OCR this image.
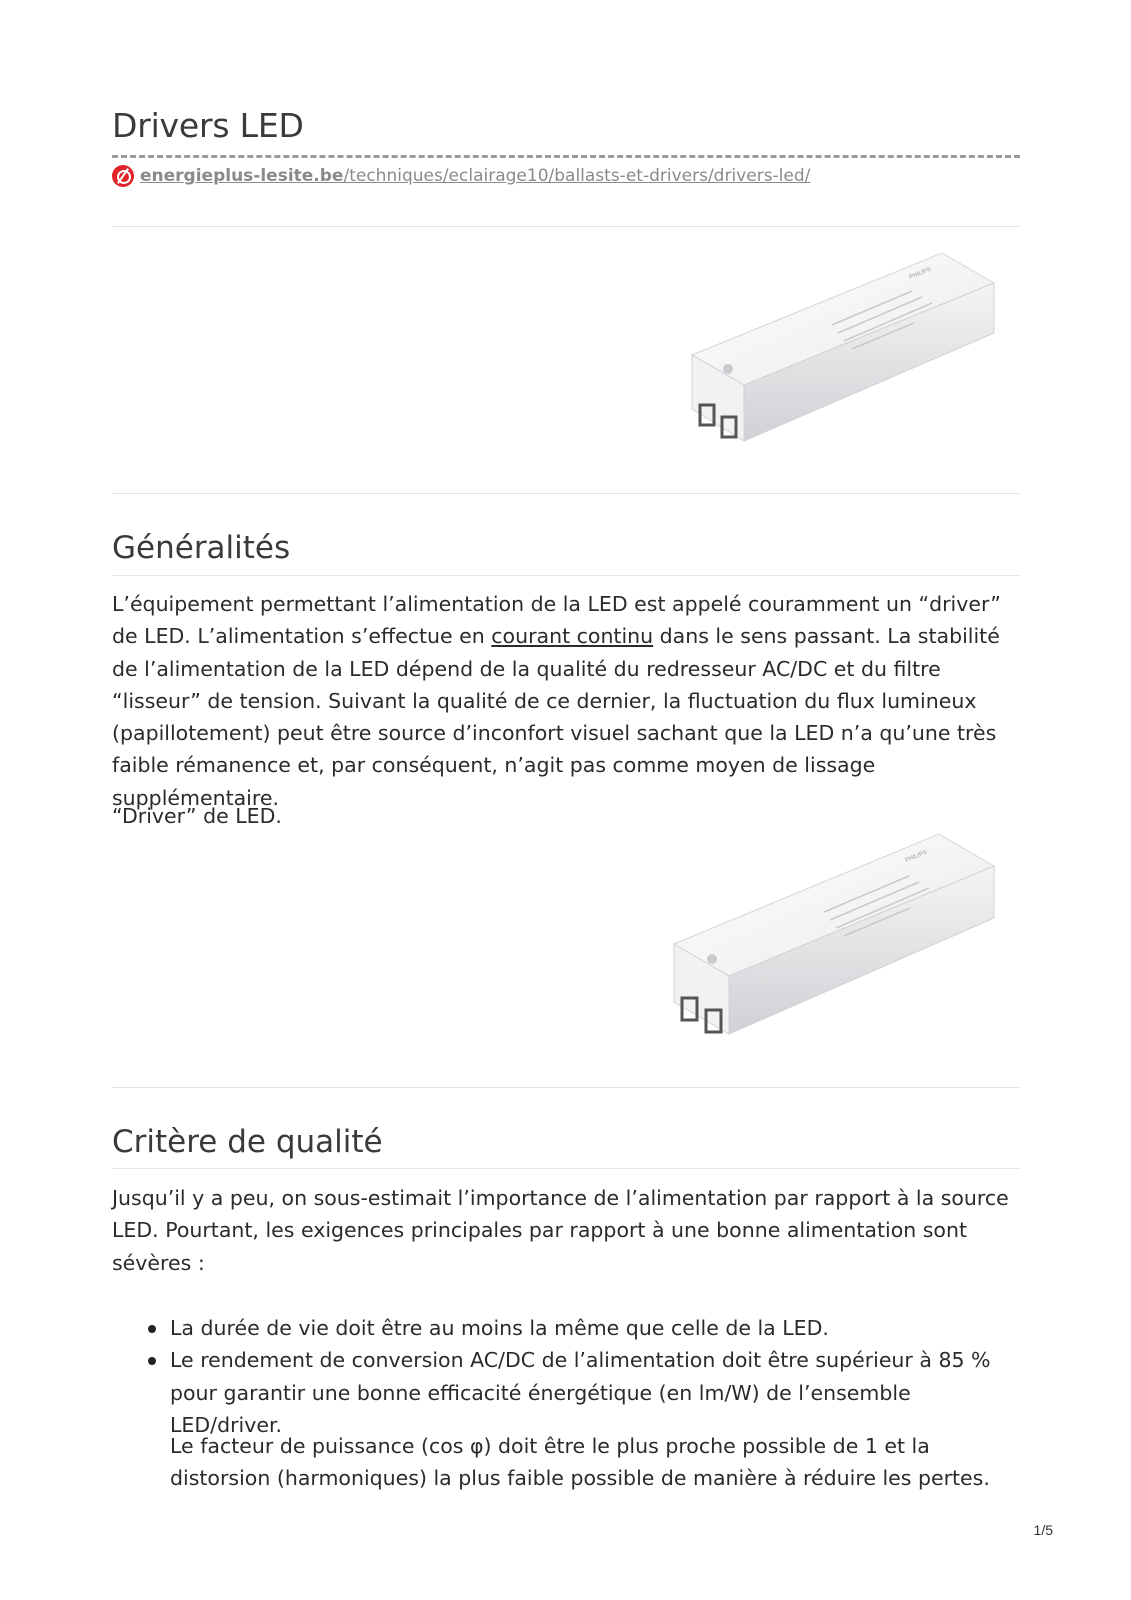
Drivers LED
energieplus-lesite.be/techniques/eclairage10/ballasts-et-drivers/drivers-led/
PHILIPS
Généralités

L’équipement permettant l’alimentation de la LED est appelé couramment un “driver” de LED. L’alimentation s’effectue en courant continu dans le sens passant. La stabilité de l’alimentation de la LED dépend de la qualité du redresseur AC/DC et du filtre “lisseur” de tension. Suivant la qualité de ce dernier, la fluctuation du flux lumineux (papillotement) peut être source d’inconfort visuel sachant que la LED n’a qu’une très faible rémanence et, par conséquent, n’agit pas comme moyen de lissage supplémentaire.

“Driver” de LED.

PHILIPS
Critère de qualité

Jusqu’il y a peu, on sous-estimait l’importance de l’alimentation par rapport à la source LED. Pourtant, les exigences principales par rapport à une bonne alimentation sont sévères :

La durée de vie doit être au moins la même que celle de la LED.
Le rendement de conversion AC/DC de l’alimentation doit être supérieur à 85 % pour garantir une bonne efficacité énergétique (en lm/W) de l’ensemble LED/driver.

Le facteur de puissance (cos φ) doit être le plus proche possible de 1 et la distorsion (harmoniques) la plus faible possible de manière à réduire les pertes.

1/5
